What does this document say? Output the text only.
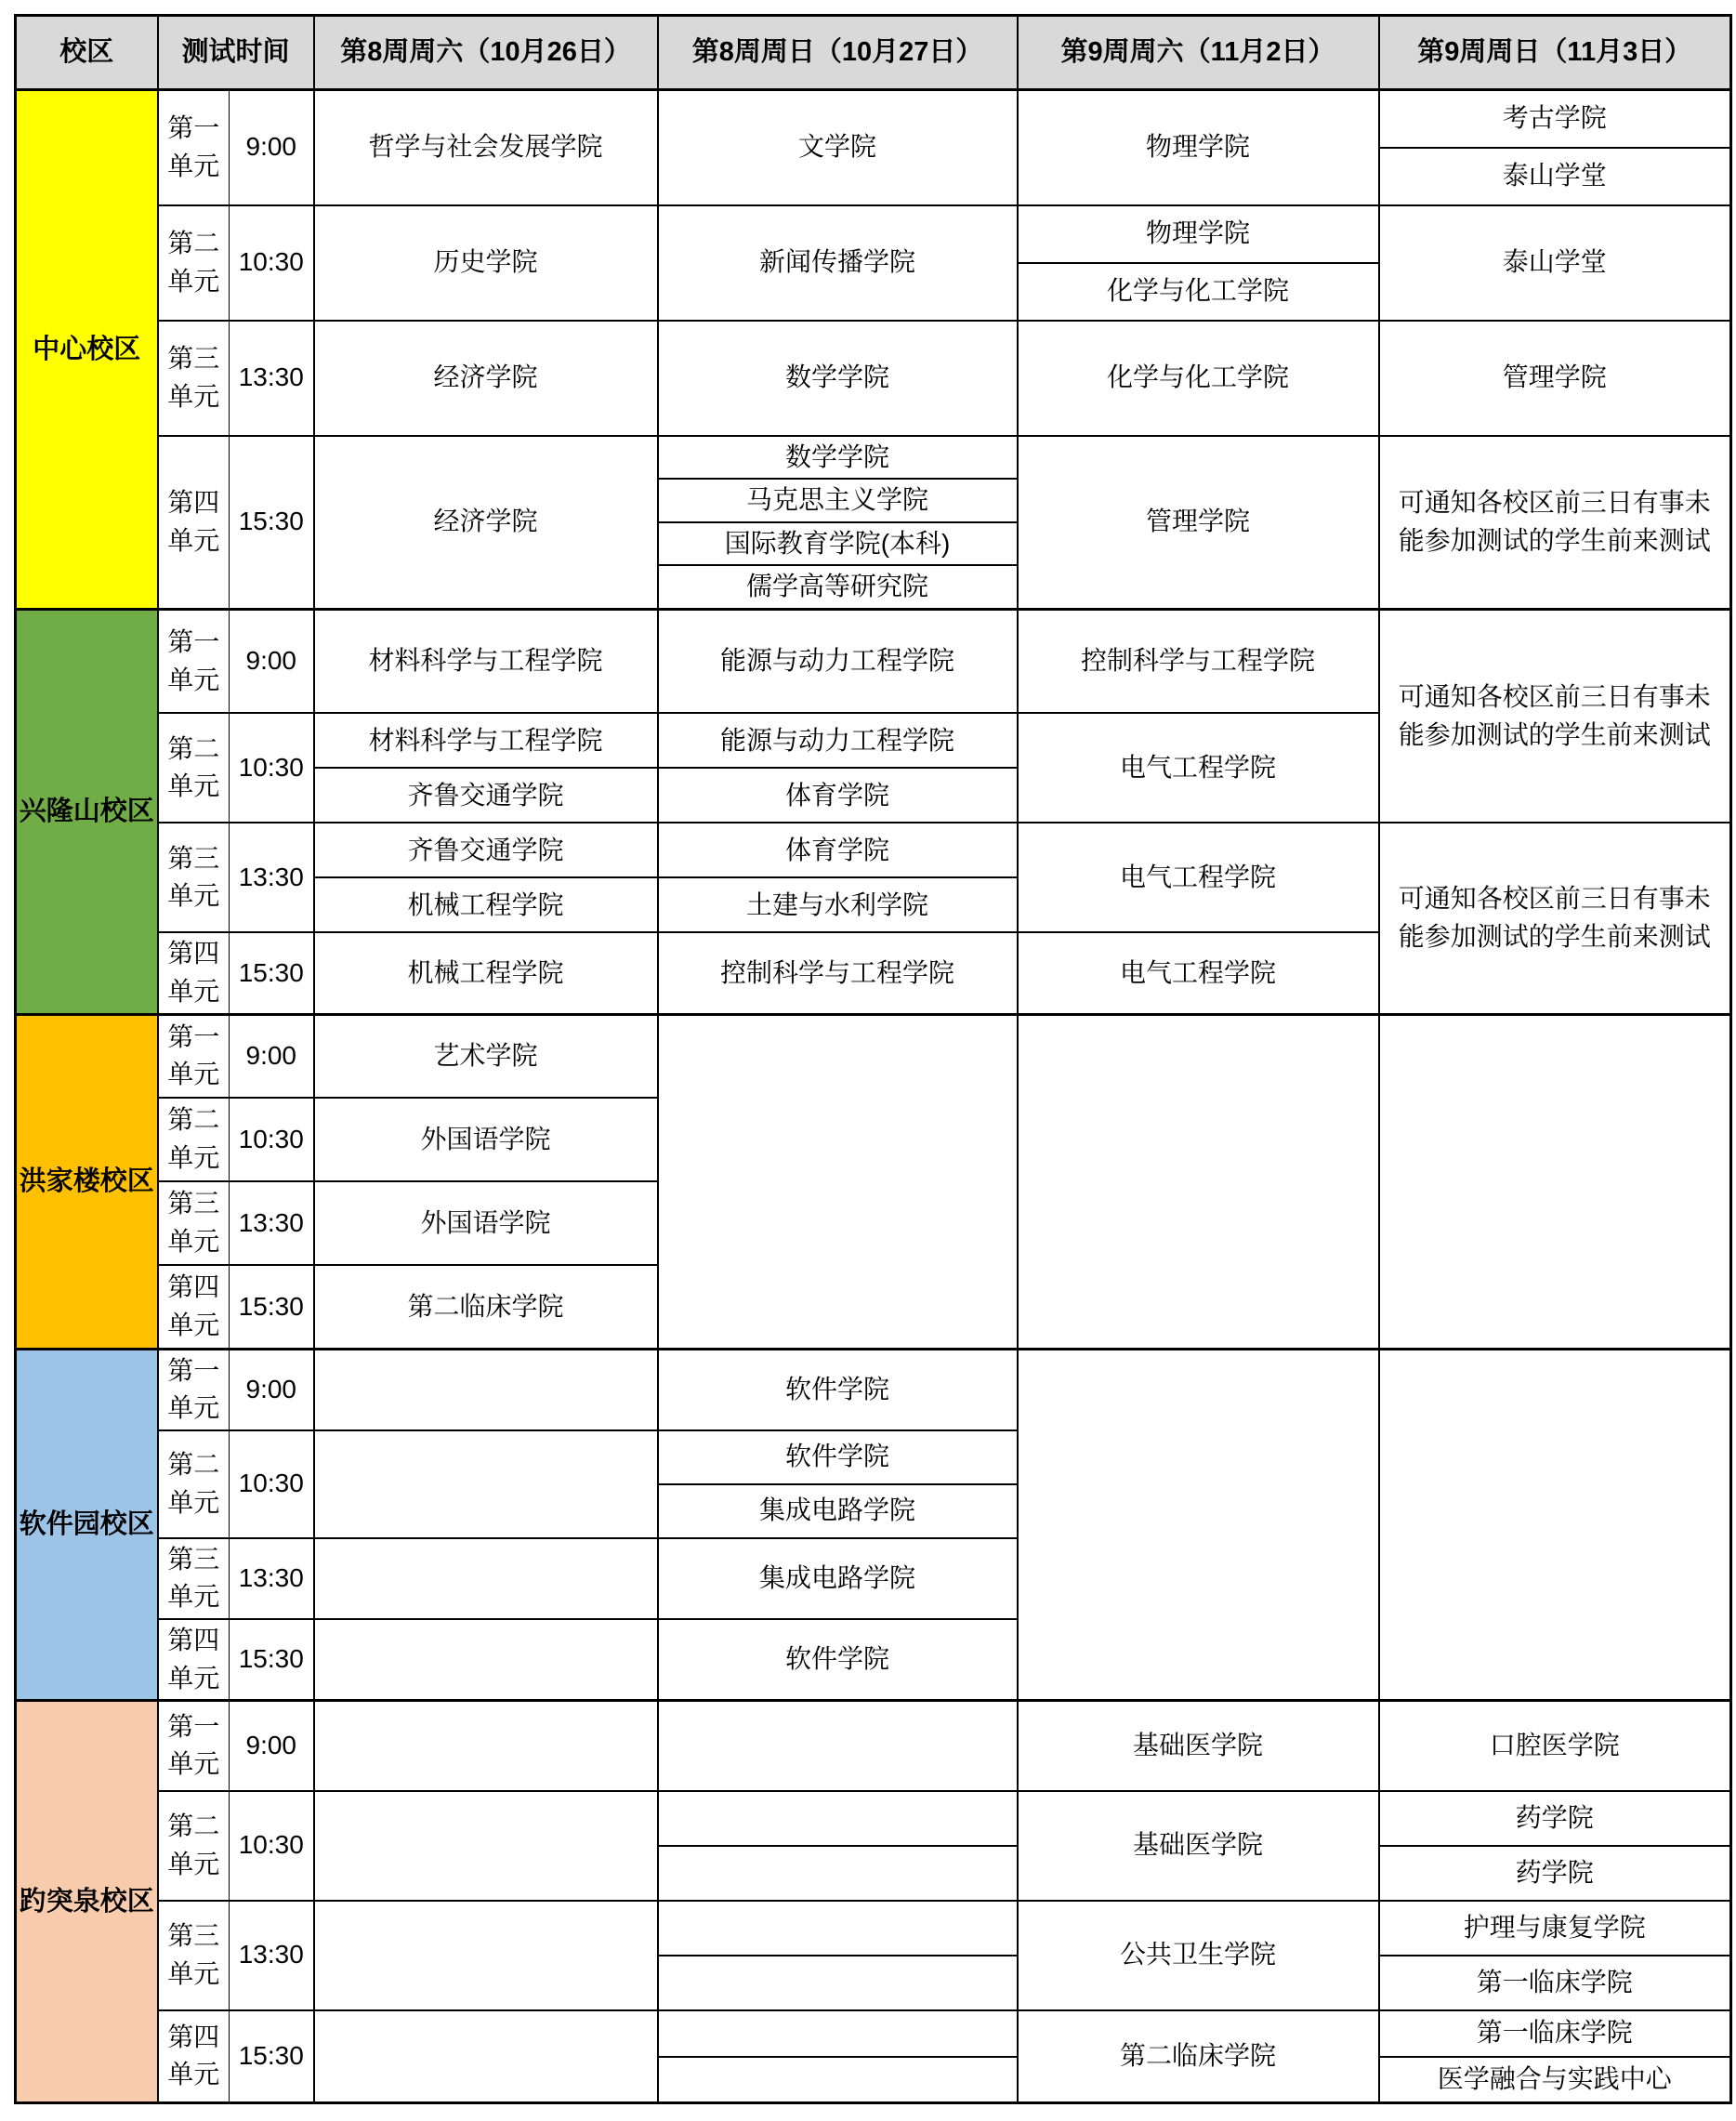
校区	测试时间		第8周周六（10月26日）	第8周周日（10月27日）	第9周周六（11月2日）	第9周周日（11月3日）
中心校区	第一单元	9:00	哲学与社会发展学院	文学院	物理学院	考古学院
						泰山学堂
	第二单元	10:30	历史学院	新闻传播学院	物理学院	泰山学堂
					化学与化工学院	
	第三单元	13:30	经济学院	数学学院	化学与化工学院	管理学院
	第四单元	15:30	经济学院	数学学院	管理学院	可通知各校区前三日有事未能参加测试的学生前来测试
				马克思主义学院		
				国际教育学院(本科)		
				儒学高等研究院		
兴隆山校区	第一单元	9:00	材料科学与工程学院	能源与动力工程学院	控制科学与工程学院	可通知各校区前三日有事未能参加测试的学生前来测试
	第二单元	10:30	材料科学与工程学院	能源与动力工程学院	电气工程学院	
			齐鲁交通学院	体育学院		
	第三单元	13:30	齐鲁交通学院	体育学院	电气工程学院	可通知各校区前三日有事未能参加测试的学生前来测试
			机械工程学院	土建与水利学院		
	第四单元	15:30	机械工程学院	控制科学与工程学院	电气工程学院	
洪家楼校区	第一单元	9:00	艺术学院			
	第二单元	10:30	外国语学院			
	第三单元	13:30	外国语学院			
	第四单元	15:30	第二临床学院			
软件园校区	第一单元	9:00		软件学院		
	第二单元	10:30		软件学院		
				集成电路学院		
	第三单元	13:30		集成电路学院		
	第四单元	15:30		软件学院		
趵突泉校区	第一单元	9:00			基础医学院	口腔医学院
	第二单元	10:30			基础医学院	药学院
						药学院
	第三单元	13:30			公共卫生学院	护理与康复学院
						第一临床学院
	第四单元	15:30			第二临床学院	第一临床学院
						医学融合与实践中心
